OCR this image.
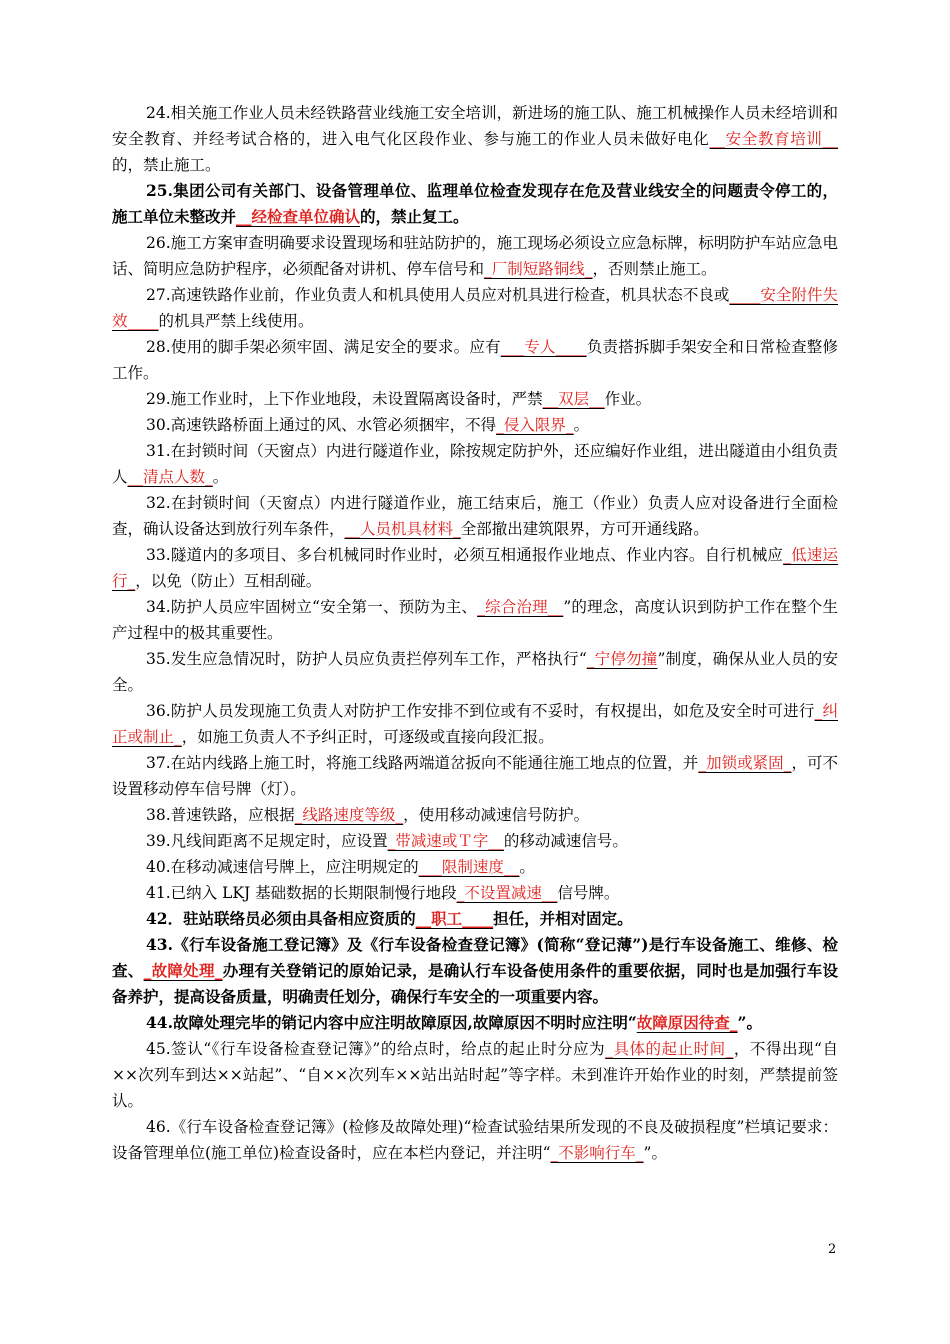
24.相关施工作业人员未经铁路营业线施工安全培训，新进场的施工队、施工机械操作人员未经培训和安全教育、并经考试合格的，进入电气化区段作业、参与施工的作业人员未做好电化__安全教育培训__的，禁止施工。

25.集团公司有关部门、设备管理单位、监理单位检查发现存在危及营业线安全的问题责令停工的，施工单位未整改并__经检查单位确认的，禁止复工。

26.施工方案审查明确要求设置现场和驻站防护的，施工现场必须设立应急标牌，标明防护车站应急电话、简明应急防护程序，必须配备对讲机、停车信号和_厂制短路铜线_，否则禁止施工。

27.高速铁路作业前，作业负责人和机具使用人员应对机具进行检查，机具状态不良或____安全附件失效____的机具严禁上线使用。

28.使用的脚手架必须牢固、满足安全的要求。应有___专人____负责搭拆脚手架安全和日常检查整修工作。

29.施工作业时，上下作业地段，未设置隔离设备时，严禁__双层__作业。

30.高速铁路桥面上通过的风、水管必须捆牢，不得_侵入限界_。

31.在封锁时间（天窗点）内进行隧道作业，除按规定防护外，还应编好作业组，进出隧道由小组负责人__清点人数_。

32.在封锁时间（天窗点）内进行隧道作业，施工结束后，施工（作业）负责人应对设备进行全面检查，确认设备达到放行列车条件，__人员机具材料_全部撤出建筑限界，方可开通线路。

33.隧道内的多项目、多台机械同时作业时，必须互相通报作业地点、作业内容。自行机械应_低速运行_，以免（防止）互相刮碰。

34.防护人员应牢固树立“安全第一、预防为主、_综合治理__”的理念，高度认识到防护工作在整个生产过程中的极其重要性。

35.发生应急情况时，防护人员应负责拦停列车工作，严格执行“_宁停勿撞”制度，确保从业人员的安全。

36.防护人员发现施工负责人对防护工作安排不到位或有不妥时，有权提出，如危及安全时可进行_纠正或制止_，如施工负责人不予纠正时，可逐级或直接向段汇报。

37.在站内线路上施工时，将施工线路两端道岔扳向不能通往施工地点的位置，并_加锁或紧固_，可不设置移动停车信号牌（灯）。

38.普速铁路，应根据_线路速度等级_，使用移动减速信号防护。

39.凡线间距离不足规定时，应设置_带减速或Ｔ字__的移动减速信号。

40.在移动减速信号牌上，应注明规定的___限制速度__。

41.已纳入 LKJ 基础数据的长期限制慢行地段_不设置减速__信号牌。

42．驻站联络员必须由具备相应资质的__职工____担任，并相对固定。

43.《行车设备施工登记簿》及《行车设备检查登记簿》(简称“登记薄”)是行车设备施工、维修、检查、_故障处理_办理有关登销记的原始记录，是确认行车设备使用条件的重要依据，同时也是加强行车设备养护，提高设备质量，明确责任划分，确保行车安全的一项重要内容。

44.故障处理完毕的销记内容中应注明故障原因,故障原因不明时应注明“故障原因待查_”。

45.签认“《行车设备检查登记簿》”的给点时，给点的起止时分应为_具体的起止时间_，不得出现“自××次列车到达××站起”、“自××次列车××站出站时起”等字样。未到准许开始作业的时刻，严禁提前签认。

46.《行车设备检查登记簿》(检修及故障处理)“检查试验结果所发现的不良及破损程度”栏填记要求：设备管理单位(施工单位)检查设备时，应在本栏内登记，并注明“_不影响行车_”。

2
